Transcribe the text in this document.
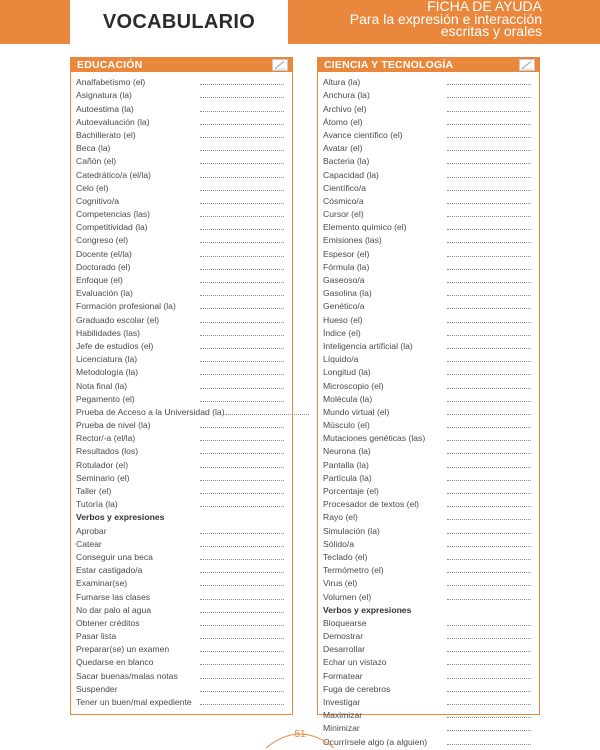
VOCABULARIO
FICHA DE AYUDA
Para la expresión e interacción
escritas y orales
EDUCACIÓN
Analfabetismo (el)
Asignatura (la)
Autoestima (la)
Autoevaluación (la)
Bachillerato (el)
Beca (la)
Cañón (el)
Catedrático/a (el/la)
Celo (el)
Cognitivo/a
Competencias (las)
Competitividad (la)
Congreso (el)
Docente (el/la)
Doctorado (el)
Enfoque (el)
Evaluación (la)
Formación profesional (la)
Graduado escolar (el)
Habilidades (las)
Jefe de estudios (el)
Licenciatura (la)
Metodología (la)
Nota final (la)
Pegamento (el)
Prueba de Acceso a la Universidad (la)
Prueba de nivel (la)
Rector/-a (el/la)
Resultados (los)
Rotulador (el)
Seminario (el)
Taller (el)
Tutoría (la)
Verbos y expresiones
Aprobar
Catear
Conseguir una beca
Estar castigado/a
Examinar(se)
Fumarse las clases
No dar palo al agua
Obtener créditos
Pasar lista
Preparar(se) un examen
Quedarse en blanco
Sacar buenas/malas notas
Suspender
Tener un buen/mal expediente
CIENCIA Y TECNOLOGÍA
Altura (la)
Anchura (la)
Archivo (el)
Átomo (el)
Avance científico (el)
Avatar (el)
Bacteria (la)
Capacidad (la)
Científico/a
Cósmico/a
Cursor (el)
Elemento químico (el)
Emisiones (las)
Espesor (el)
Fórmula (la)
Gaseoso/a
Gasolina (la)
Genético/a
Hueso (el)
Índice (el)
Inteligencia artificial (la)
Líquido/a
Longitud (la)
Microscopio (el)
Molécula (la)
Mundo virtual (el)
Músculo (el)
Mutaciones genéticas (las)
Neurona (la)
Pantalla (la)
Partícula (la)
Porcentaje (el)
Procesador de textos (el)
Rayo (el)
Simulación (la)
Sólido/a
Teclado (el)
Termómetro (el)
Virus (el)
Volumen (el)
Verbos y expresiones
Bloquearse
Demostrar
Desarrollar
Echar un vistazo
Formatear
Fuga de cerebros
Investigar
Maximizar
Minimizar
Ocurrírsele algo (a alguien)
51
